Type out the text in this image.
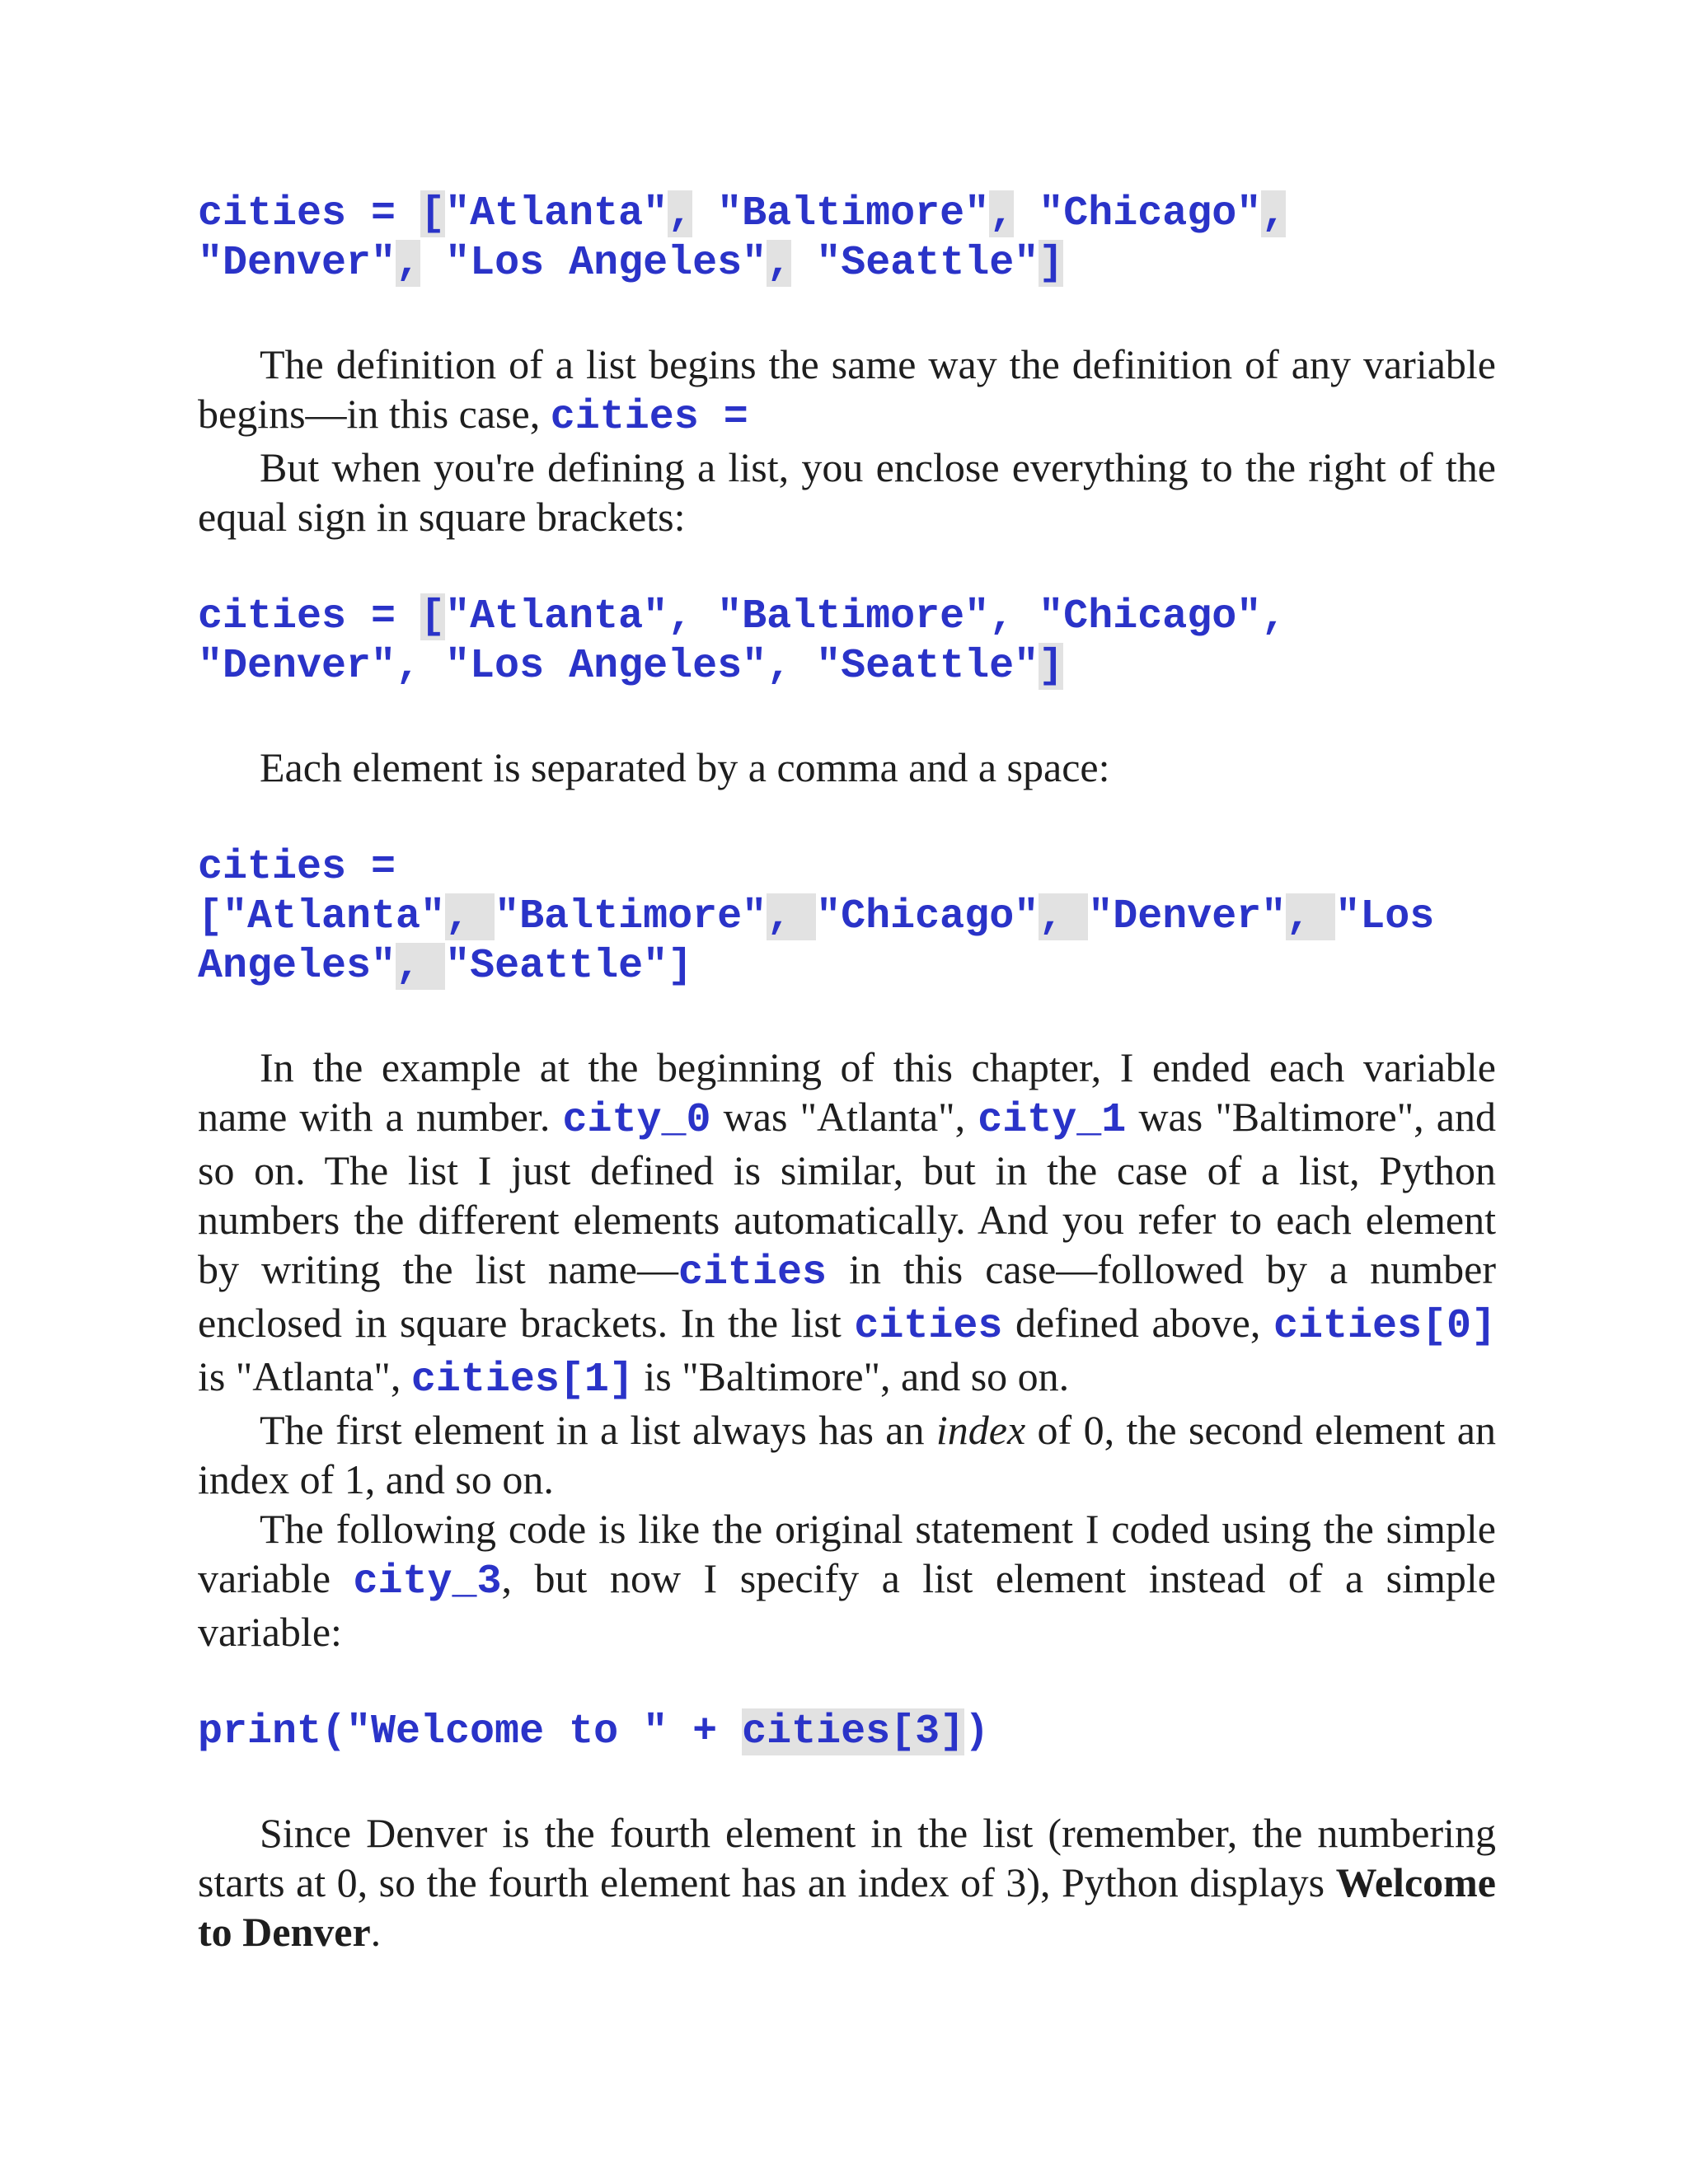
cities = ["Atlanta", "Baltimore", "Chicago",
"Denver", "Los Angeles", "Seattle"]

The definition of a list begins the same way the definition of any variable begins—in this case, cities =

But when you're defining a list, you enclose everything to the right of the equal sign in square brackets:

cities = ["Atlanta", "Baltimore", "Chicago", "Denver", "Los Angeles", "Seattle"]

Each element is separated by a comma and a space:

cities =
["Atlanta", "Baltimore", "Chicago", "Denver", "Los Angeles", "Seattle"]

In the example at the beginning of this chapter, I ended each variable name with a number. city_0 was "Atlanta", city_1 was "Baltimore", and so on. The list I just defined is similar, but in the case of a list, Python numbers the different elements automatically. And you refer to each element by writing the list name—cities in this case—followed by a number enclosed in square brackets. In the list cities defined above, cities[0] is "Atlanta", cities[1] is "Baltimore", and so on.

The first element in a list always has an index of 0, the second element an index of 1, and so on.

The following code is like the original statement I coded using the simple variable city_3, but now I specify a list element instead of a simple variable:

print("Welcome to " + cities[3])

Since Denver is the fourth element in the list (remember, the numbering starts at 0, so the fourth element has an index of 3), Python displays Welcome to Denver.
